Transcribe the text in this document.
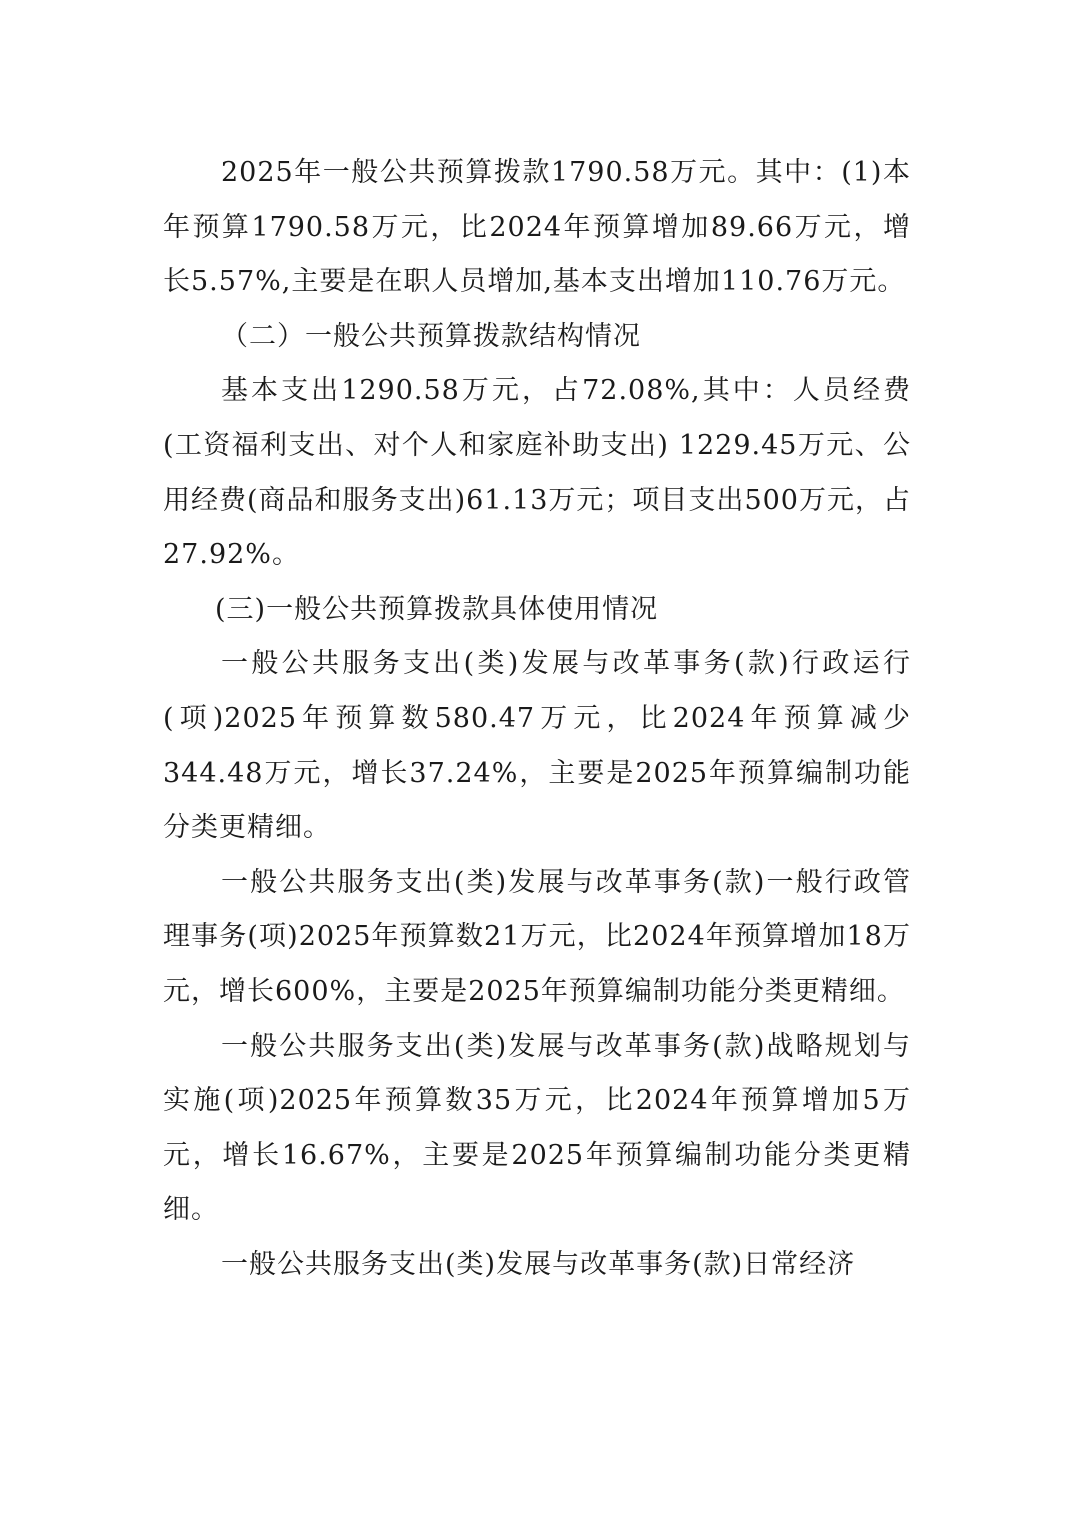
2025年一般公共预算拨款1790.58万元。其中：(1)本年预算1790.58万元，比2024年预算增加89.66万元，增长5.57%,主要是在职人员增加,基本支出增加110.76万元。

（二）一般公共预算拨款结构情况

基本支出1290.58万元，占72.08%,其中：人员经费(工资福利支出、对个人和家庭补助支出) 1229.45万元、公用经费(商品和服务支出)61.13万元；项目支出500万元，占27.92%。

(三)一般公共预算拨款具体使用情况

一般公共服务支出(类)发展与改革事务(款)行政运行(项)2025年预算数580.47万元，比2024年预算减少344.48万元，增长37.24%，主要是2025年预算编制功能分类更精细。

一般公共服务支出(类)发展与改革事务(款)一般行政管理事务(项)2025年预算数21万元，比2024年预算增加18万元，增长600%，主要是2025年预算编制功能分类更精细。

一般公共服务支出(类)发展与改革事务(款)战略规划与实施(项)2025年预算数35万元，比2024年预算增加5万元，增长16.67%，主要是2025年预算编制功能分类更精细。

一般公共服务支出(类)发展与改革事务(款)日常经济
